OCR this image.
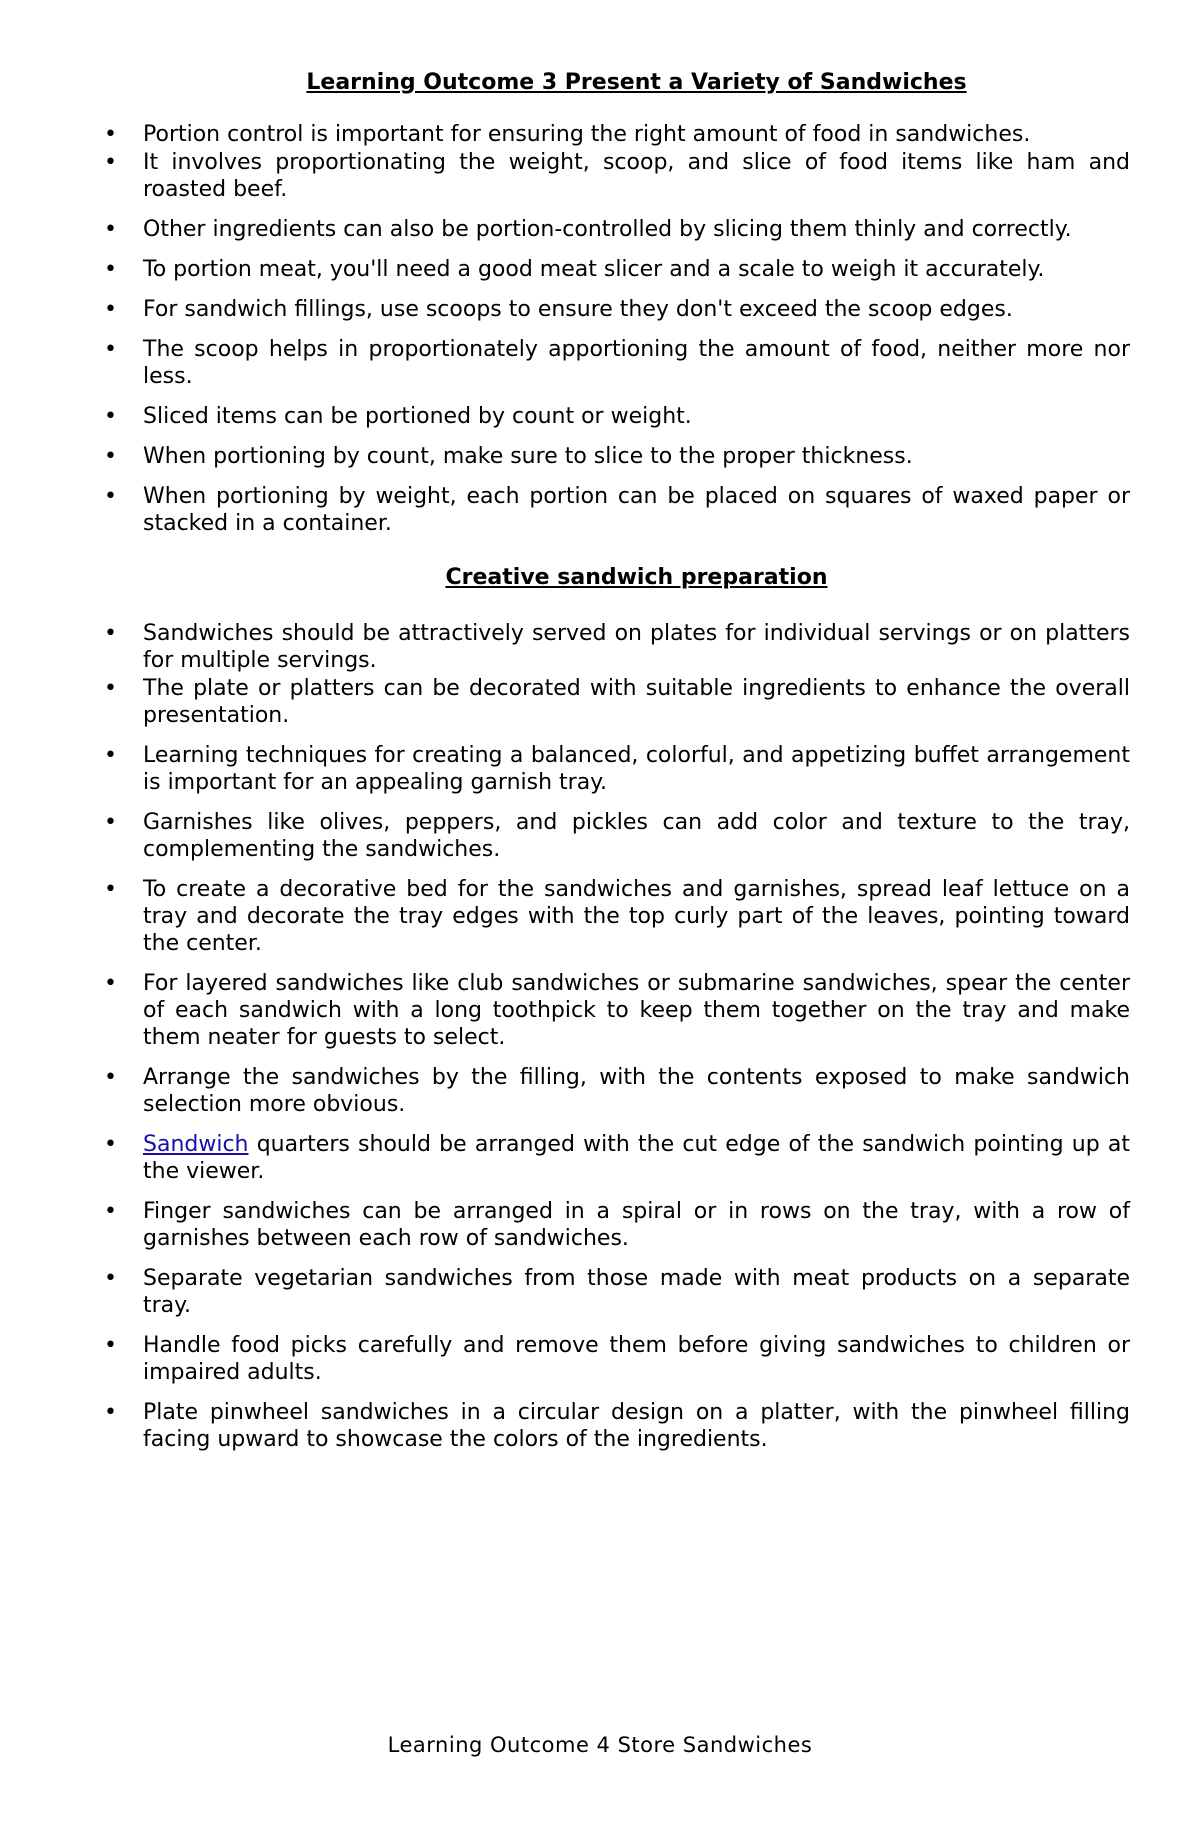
Learning Outcome 3 Present a Variety of Sandwiches
• Portion control is important for ensuring the right amount of food in sandwiches.
• It involves proportionating the weight, scoop, and slice of food items like ham and roasted beef.
• Other ingredients can also be portion-controlled by slicing them thinly and correctly.
• To portion meat, you'll need a good meat slicer and a scale to weigh it accurately.
• For sandwich fillings, use scoops to ensure they don't exceed the scoop edges.
• The scoop helps in proportionately apportioning the amount of food, neither more nor less.
• Sliced items can be portioned by count or weight.
• When portioning by count, make sure to slice to the proper thickness.
• When portioning by weight, each portion can be placed on squares of waxed paper or stacked in a container.
Creative sandwich preparation
• Sandwiches should be attractively served on plates for individual servings or on platters for multiple servings.
• The plate or platters can be decorated with suitable ingredients to enhance the overall presentation.
• Learning techniques for creating a balanced, colorful, and appetizing buffet arrangement is important for an appealing garnish tray.
• Garnishes like olives, peppers, and pickles can add color and texture to the tray, complementing the sandwiches.
• To create a decorative bed for the sandwiches and garnishes, spread leaf lettuce on a tray and decorate the tray edges with the top curly part of the leaves, pointing toward the center.
• For layered sandwiches like club sandwiches or submarine sandwiches, spear the center of each sandwich with a long toothpick to keep them together on the tray and make them neater for guests to select.
• Arrange the sandwiches by the filling, with the contents exposed to make sandwich selection more obvious.
• Sandwich quarters should be arranged with the cut edge of the sandwich pointing up at the viewer.
• Finger sandwiches can be arranged in a spiral or in rows on the tray, with a row of garnishes between each row of sandwiches.
• Separate vegetarian sandwiches from those made with meat products on a separate tray.
• Handle food picks carefully and remove them before giving sandwiches to children or impaired adults.
• Plate pinwheel sandwiches in a circular design on a platter, with the pinwheel filling facing upward to showcase the colors of the ingredients.
Learning Outcome 4 Store Sandwiches
